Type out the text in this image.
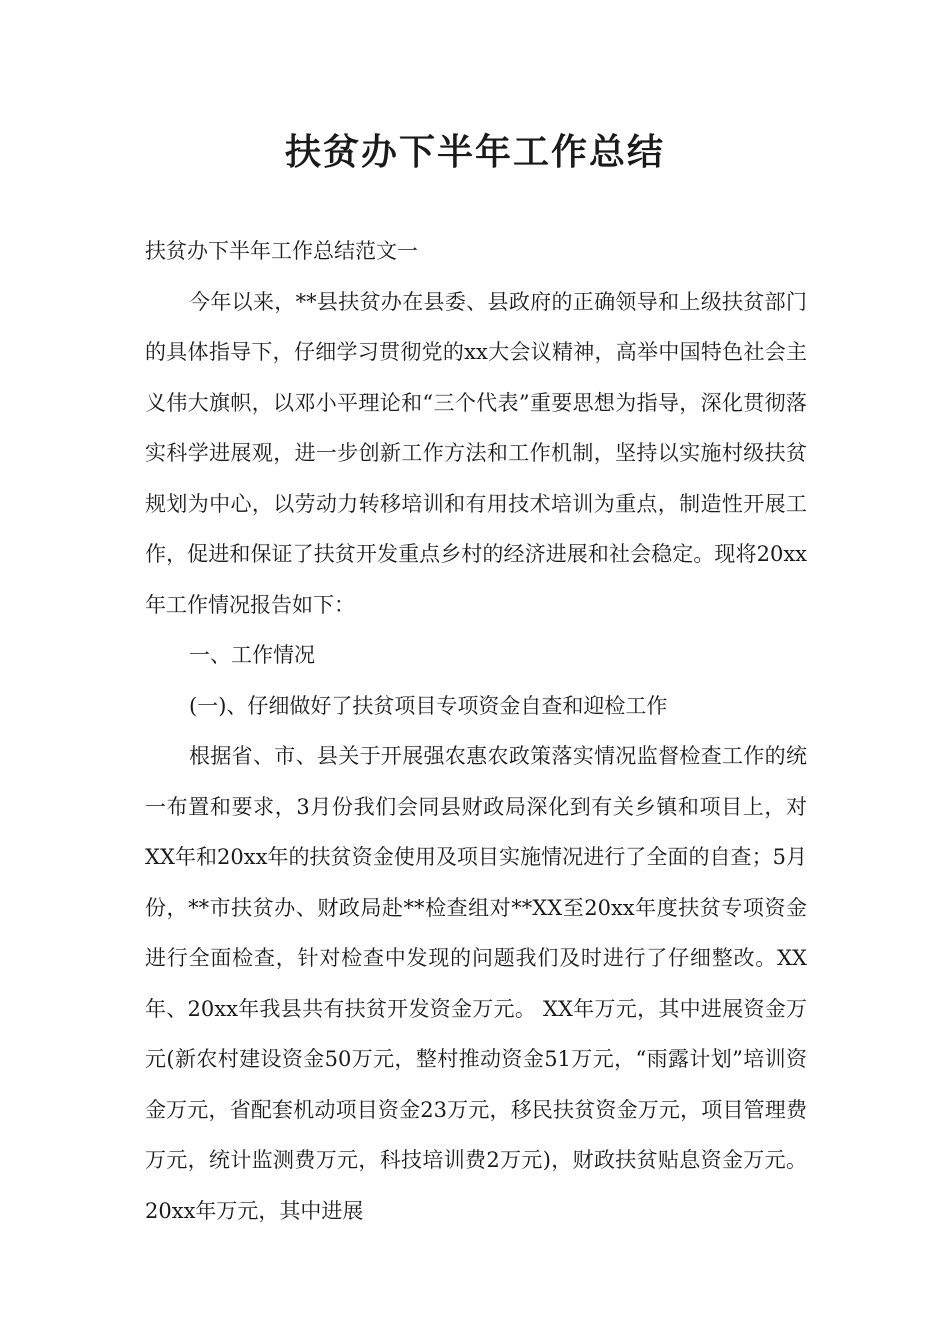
扶贫办下半年工作总结

扶贫办下半年工作总结范文一

今年以来，**县扶贫办在县委、县政府的正确领导和上级扶贫部门的具体指导下，仔细学习贯彻党的xx大会议精神，高举中国特色社会主义伟大旗帜，以邓小平理论和“三个代表”重要思想为指导，深化贯彻落实科学进展观，进一步创新工作方法和工作机制，坚持以实施村级扶贫规划为中心，以劳动力转移培训和有用技术培训为重点，制造性开展工作，促进和保证了扶贫开发重点乡村的经济进展和社会稳定。现将20xx年工作情况报告如下：

一、工作情况

(一)、仔细做好了扶贫项目专项资金自查和迎检工作

根据省、市、县关于开展强农惠农政策落实情况监督检查工作的统一布置和要求，3月份我们会同县财政局深化到有关乡镇和项目上，对XX年和20xx年的扶贫资金使用及项目实施情况进行了全面的自查；5月份，**市扶贫办、财政局赴**检查组对**XX至20xx年度扶贫专项资金进行全面检查，针对检查中发现的问题我们及时进行了仔细整改。XX年、20xx年我县共有扶贫开发资金万元。 XX年万元，其中进展资金万元(新农村建设资金50万元，整村推动资金51万元，“雨露计划”培训资金万元，省配套机动项目资金23万元，移民扶贫资金万元，项目管理费万元，统计监测费万元，科技培训费2万元)，财政扶贫贴息资金万元。20xx年万元，其中进展
